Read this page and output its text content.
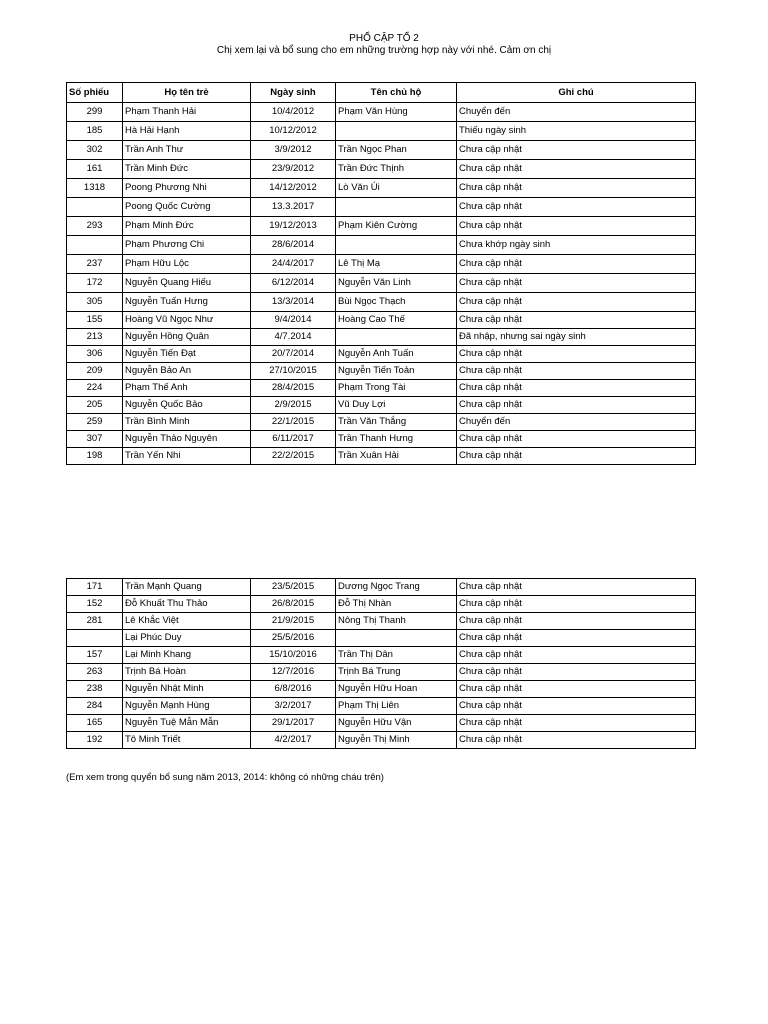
PHỔ CẬP TỔ 2
Chị xem lại và bổ sung cho em những trường hợp này với nhé. Cảm ơn chị
Số phiếu	Họ tên trẻ	Ngày sinh	Tên chủ hộ	Ghi chú
299	Phạm Thanh Hải	10/4/2012	Phạm Văn Hùng	Chuyển đến
185	Hà Hải Hạnh	10/12/2012		Thiếu ngày sinh
302	Trần Anh Thư	3/9/2012	Trần Ngọc Phan	Chưa cập nhật
161	Trần Minh Đức	23/9/2012	Trần Đức Thịnh	Chưa cập nhật
1318	Poong Phương Nhi	14/12/2012	Lò Văn Úi	Chưa cập nhật
	Poong Quốc Cường	13.3.2017		Chưa cập nhật
293	Phạm Minh Đức	19/12/2013	Phạm Kiên Cường	Chưa cập nhật
	Phạm Phương Chi	28/6/2014		Chưa khớp ngày sinh
237	Phạm Hữu Lộc	24/4/2017	Lê Thị Mạ	Chưa cập nhật
172	Nguyễn Quang Hiếu	6/12/2014	Nguyễn Văn Linh	Chưa cập nhật
305	Nguyễn Tuấn Hưng	13/3/2014	Bùi Ngọc Thạch	Chưa cập nhật
155	Hoàng Vũ Ngọc Như	9/4/2014	Hoàng Cao Thế	Chưa cập nhật
213	Nguyễn Hồng Quân	4/7.2014		Đã nhập, nhưng sai ngày sinh
306	Nguyễn Tiến Đạt	20/7/2014	Nguyễn Anh Tuấn	Chưa cập nhật
209	Nguyễn Bảo An	27/10/2015	Nguyễn Tiến Toản	Chưa cập nhật
224	Phạm Thế Anh	28/4/2015	Phạm Trong Tài	Chưa cập nhật
205	Nguyễn Quốc Bảo	2/9/2015	Vũ Duy Lợi	Chưa cập nhật
259	Trần Bình Minh	22/1/2015	Trần Văn Thắng	Chuyển đến
307	Nguyễn Thảo Nguyên	6/11/2017	Trần Thanh Hưng	Chưa cập nhật
198	Trần Yến Nhi	22/2/2015	Trần Xuân Hải	Chưa cập nhật
171	Trần Mạnh Quang	23/5/2015	Dương Ngọc Trang	Chưa cập nhật
152	Đỗ Khuất Thu Thảo	26/8/2015	Đỗ Thị Nhàn	Chưa cập nhật
281	Lê Khắc Việt	21/9/2015	Nông Thị Thanh	Chưa cập nhật
	Lại Phúc Duy	25/5/2016		Chưa cập nhật
157	Lại Minh Khang	15/10/2016	Trần Thị Dân	Chưa cập nhật
263	Trịnh Bá Hoàn	12/7/2016	Trịnh Bá Trung	Chưa cập nhật
238	Nguyễn Nhật Minh	6/8/2016	Nguyễn Hữu Hoan	Chưa cập nhật
284	Nguyễn Mạnh Hùng	3/2/2017	Phạm Thị Liên	Chưa cập nhật
165	Nguyễn Tuệ Mẫn Mẫn	29/1/2017	Nguyễn Hữu Vận	Chưa cập nhật
192	Tô Minh Triết	4/2/2017	Nguyễn Thị Minh	Chưa cập nhật
(Em xem trong quyển bổ sung năm 2013, 2014: không có những cháu trên)
